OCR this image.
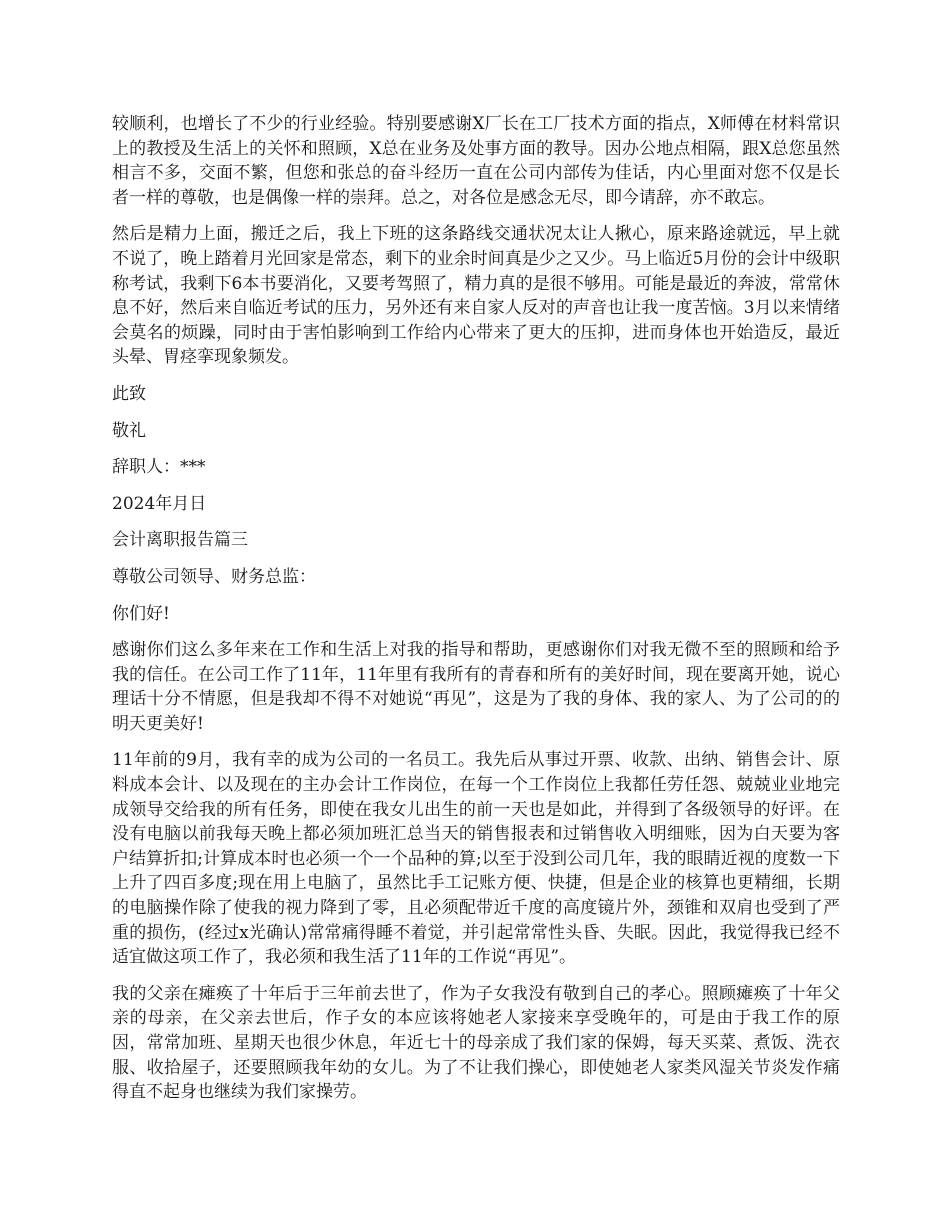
较顺利，也增长了不少的行业经验。特别要感谢X厂长在工厂技术方面的指点，X师傅在材料常识上的教授及生活上的关怀和照顾，X总在业务及处事方面的教导。因办公地点相隔，跟X总您虽然相言不多，交面不繁，但您和张总的奋斗经历一直在公司内部传为佳话，内心里面对您不仅是长者一样的尊敬，也是偶像一样的崇拜。总之，对各位是感念无尽，即今请辞，亦不敢忘。

然后是精力上面，搬迁之后，我上下班的这条路线交通状况太让人揪心，原来路途就远，早上就不说了，晚上踏着月光回家是常态，剩下的业余时间真是少之又少。马上临近5月份的会计中级职称考试，我剩下6本书要消化，又要考驾照了，精力真的是很不够用。可能是最近的奔波，常常休息不好，然后来自临近考试的压力，另外还有来自家人反对的声音也让我一度苦恼。3月以来情绪会莫名的烦躁，同时由于害怕影响到工作给内心带来了更大的压抑，进而身体也开始造反，最近头晕、胃痉挛现象频发。

此致

敬礼

辞职人：***

2024年月日

会计离职报告篇三

尊敬公司领导、财务总监：

你们好!

感谢你们这么多年来在工作和生活上对我的指导和帮助，更感谢你们对我无微不至的照顾和给予我的信任。在公司工作了11年，11年里有我所有的青春和所有的美好时间，现在要离开她，说心理话十分不情愿，但是我却不得不对她说“再见”，这是为了我的身体、我的家人、为了公司的的明天更美好!

11年前的9月，我有幸的成为公司的一名员工。我先后从事过开票、收款、出纳、销售会计、原料成本会计、以及现在的主办会计工作岗位，在每一个工作岗位上我都任劳任怨、兢兢业业地完成领导交给我的所有任务，即使在我女儿出生的前一天也是如此，并得到了各级领导的好评。在没有电脑以前我每天晚上都必须加班汇总当天的销售报表和过销售收入明细账，因为白天要为客户结算折扣;计算成本时也必须一个一个品种的算;以至于没到公司几年，我的眼睛近视的度数一下上升了四百多度;现在用上电脑了，虽然比手工记账方便、快捷，但是企业的核算也更精细，长期的电脑操作除了使我的视力降到了零，且必须配带近千度的高度镜片外，颈锥和双肩也受到了严重的损伤，(经过x光确认)常常痛得睡不着觉，并引起常常性头昏、失眠。因此，我觉得我已经不适宜做这项工作了，我必须和我生活了11年的工作说“再见”。

我的父亲在瘫痪了十年后于三年前去世了，作为子女我没有敬到自己的孝心。照顾瘫痪了十年父亲的母亲，在父亲去世后，作子女的本应该将她老人家接来享受晚年的，可是由于我工作的原因，常常加班、星期天也很少休息，年近七十的母亲成了我们家的保姆，每天买菜、煮饭、洗衣服、收拾屋子，还要照顾我年幼的女儿。为了不让我们操心，即使她老人家类风湿关节炎发作痛得直不起身也继续为我们家操劳。
